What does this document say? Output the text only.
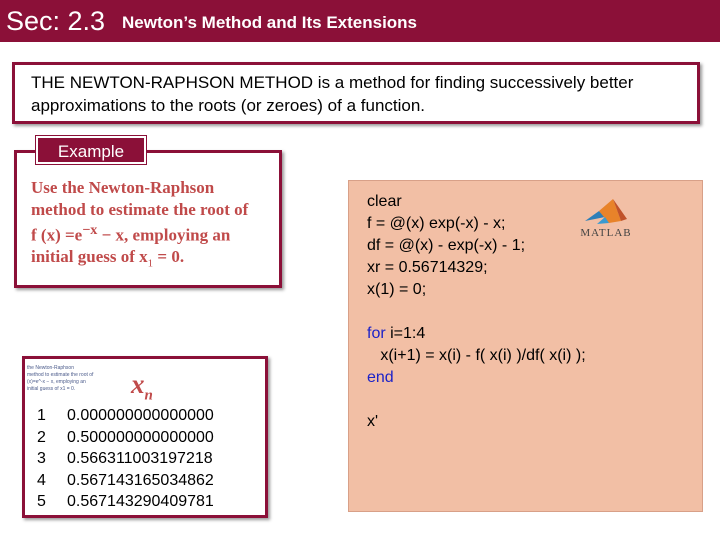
Sec: 2.3 Newton’s Method and Its Extensions
THE NEWTON-RAPHSON METHOD is a method for finding successively better
approximations to the roots (or zeroes) of a function.
Use the Newton-Raphson
method to estimate the root of
f $(x) =e^{-x} - x$, employing an
initial guess of $x_1 = 0$.
Example
clear
f = @(x) exp(-x) - x;
df = @(x) - exp(-x) - 1;
xr = 0.56714329;
x(1) = 0;
for i=1:4
x(i+1) = x(i) - f( x(i) )/df( x(i) );
end
x'
MATLAB
the Newton-Raphson
method to estimate the root of
(x)=e^-x − x, employing an
initial guess of x1 = 0.	$x_n$
1 0.000000000000000
2 0.500000000000000
3 0.566311003197218
4 0.567143165034862
5 0.567143290409781
